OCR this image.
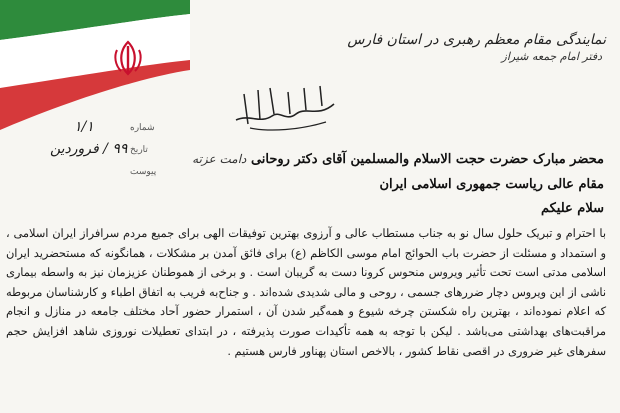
نمایندگی مقام معظم رهبری در استان فارس
دفتر امام جمعه شیراز
شماره
تاریخ
پیوست
۱/۱
۹۹ / فروردین
محضر مبارک حضرت حجت الاسلام والمسلمین آقای دکتر روحانی دامت عزته
مقام عالی ریاست جمهوری اسلامی ایران
سلام علیکم

با احترام و تبریک حلول سال نو به جناب مستطاب عالی و آرزوی بهترین توفیقات الهی برای جمیع مردم سرافراز ایران اسلامی ، و استمداد و مسئلت از حضرت باب الحوائج امام موسی الکاظم (ع) برای فائق آمدن بر مشکلات ، همانگونه که مستحضرید ایران اسلامی مدتی است تحت تأثیر ویروس منحوس کرونا دست به گریبان است . و برخی از هموطنان عزیزمان نیز به واسطه بیماری ناشی از این ویروس دچار ضررهای جسمی ، روحی و مالی شدیدی شده‌اند . و جناح‌به فریب به اتفاق اطباء و کارشناسان مربوطه که اعلام نموده‌اند ، بهترین راه شکستن چرخه شیوع و همه‌گیر شدن آن ، استمرار حضور آحاد مختلف جامعه در منازل و انجام مراقبت‌های بهداشتی می‌باشد . لیکن با توجه به همه تأکیدات صورت پذیرفته ، در ابتدای تعطیلات نوروزی شاهد افزایش حجم سفرهای غیر ضروری در اقصی نقاط کشور ، بالاخص استان پهناور فارس هستیم .
